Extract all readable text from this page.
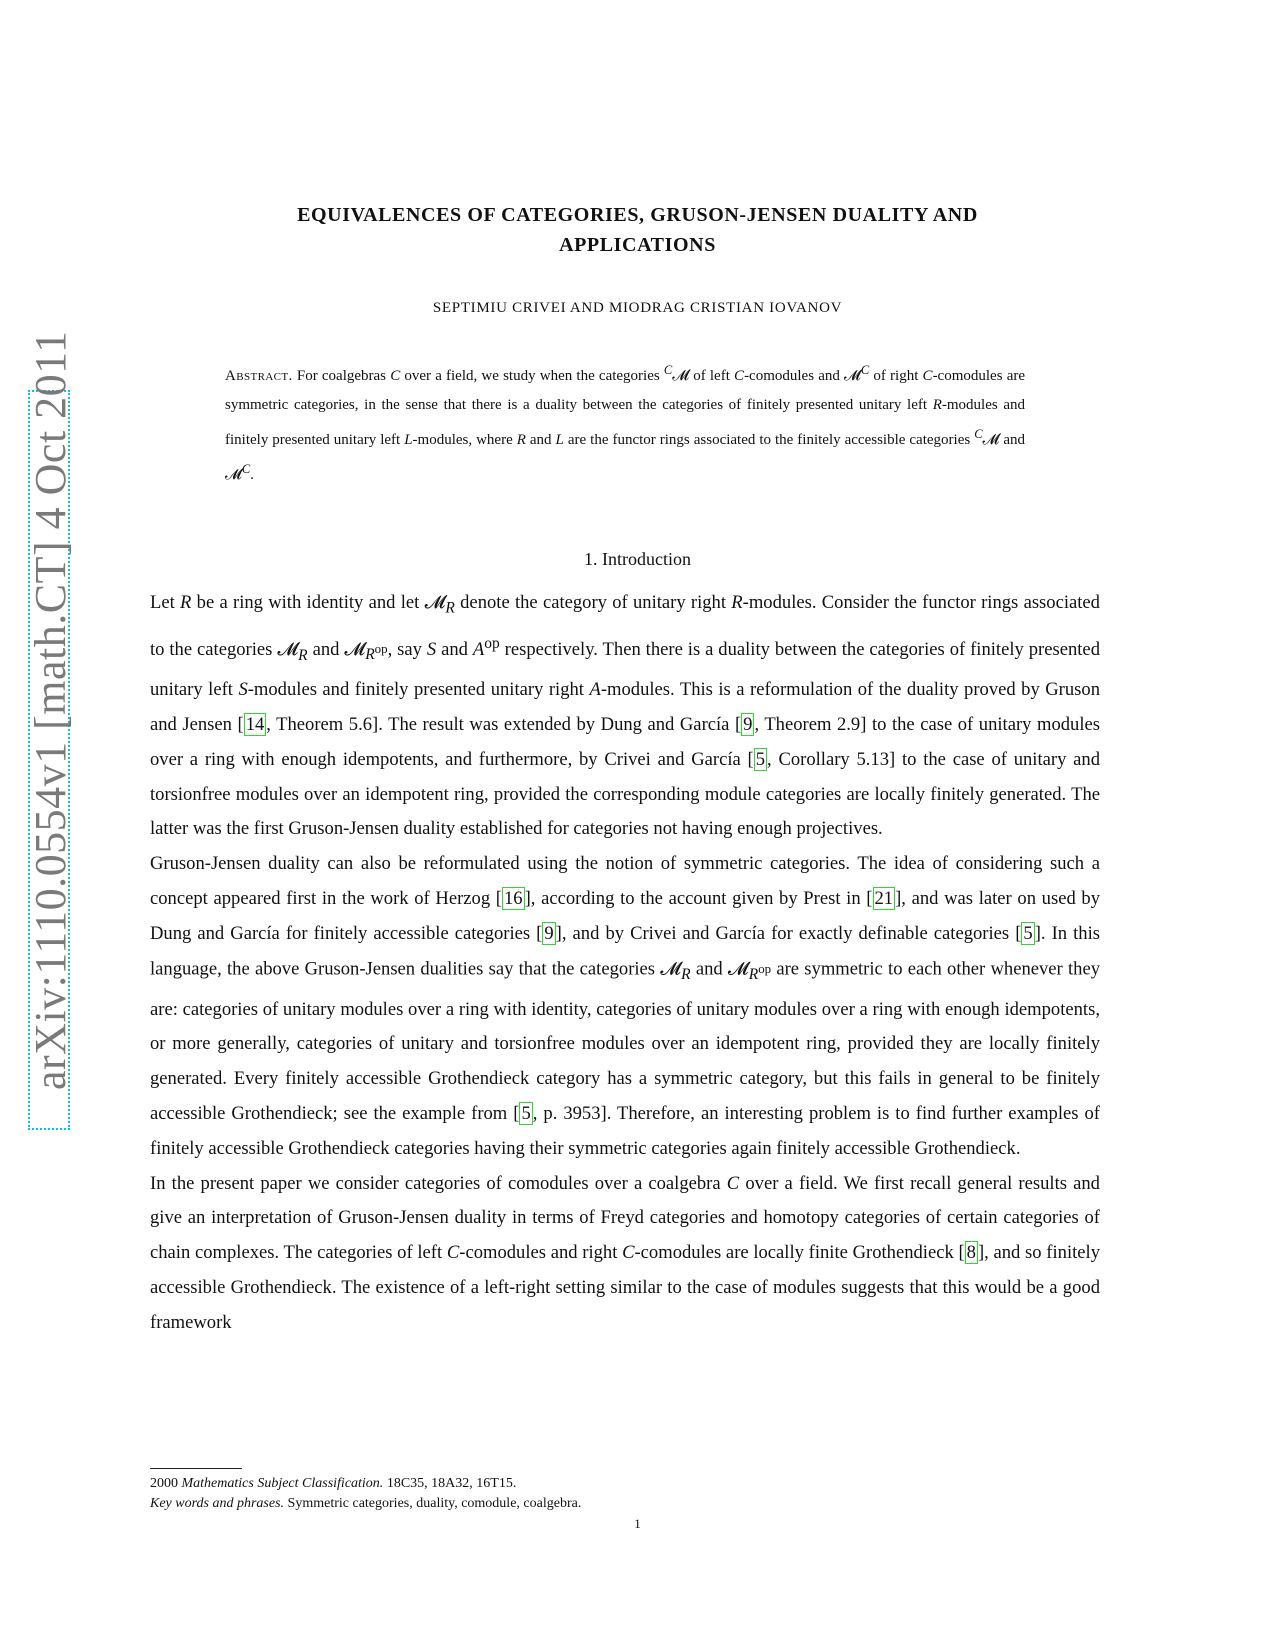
arXiv:1110.0554v1 [math.CT] 4 Oct 2011
EQUIVALENCES OF CATEGORIES, GRUSON-JENSEN DUALITY AND
APPLICATIONS
SEPTIMIU CRIVEI AND MIODRAG CRISTIAN IOVANOV
Abstract. For coalgebras C over a field, we study when the categories $^C$𝓜 of left C-comodules and 𝓜$^C$ of right C-comodules are symmetric categories, in the sense that there is a duality between the categories of finitely presented unitary left R-modules and finitely presented unitary left L-modules, where R and L are the functor rings associated to the finitely accessible categories $^C$𝓜 and 𝓜$^C$.
1. Introduction

Let R be a ring with identity and let 𝓜$_R$ denote the category of unitary right R-modules. Consider the functor rings associated to the categories 𝓜$_R$ and 𝓜$_{R^{op}}$, say S and $A^{op}$ respectively. Then there is a duality between the categories of finitely presented unitary left S-modules and finitely presented unitary right A-modules. This is a reformulation of the duality proved by Gruson and Jensen [ 14 , Theorem 5.6]. The result was extended by Dung and García [ 9 , Theorem 2.9] to the case of unitary modules over a ring with enough idempotents, and furthermore, by Crivei and García [ 5 , Corollary 5.13] to the case of unitary and torsionfree modules over an idempotent ring, provided the corresponding module categories are locally finitely generated. The latter was the first Gruson-Jensen duality established for categories not having enough projectives.

Gruson-Jensen duality can also be reformulated using the notion of symmetric categories. The idea of considering such a concept appeared first in the work of Herzog [ 16 ], according to the account given by Prest in [ 21 ], and was later on used by Dung and García for finitely accessible categories [ 9 ], and by Crivei and García for exactly definable categories [ 5 ]. In this language, the above Gruson-Jensen dualities say that the categories 𝓜$_R$ and 𝓜$_{R^{op}}$ are symmetric to each other whenever they are: categories of unitary modules over a ring with identity, categories of unitary modules over a ring with enough idempotents, or more generally, categories of unitary and torsionfree modules over an idempotent ring, provided they are locally finitely generated. Every finitely accessible Grothendieck category has a symmetric category, but this fails in general to be finitely accessible Grothendieck; see the example from [ 5 , p. 3953]. Therefore, an interesting problem is to find further examples of finitely accessible Grothendieck categories having their symmetric categories again finitely accessible Grothendieck.

In the present paper we consider categories of comodules over a coalgebra C over a field. We first recall general results and give an interpretation of Gruson-Jensen duality in terms of Freyd categories and homotopy categories of certain categories of chain complexes. The categories of left C-comodules and right C-comodules are locally finite Grothendieck [ 8 ], and so finitely accessible Grothendieck. The existence of a left-right setting similar to the case of modules suggests that this would be a good framework

2000 Mathematics Subject Classification. 18C35, 18A32, 16T15.
Key words and phrases. Symmetric categories, duality, comodule, coalgebra.
1
